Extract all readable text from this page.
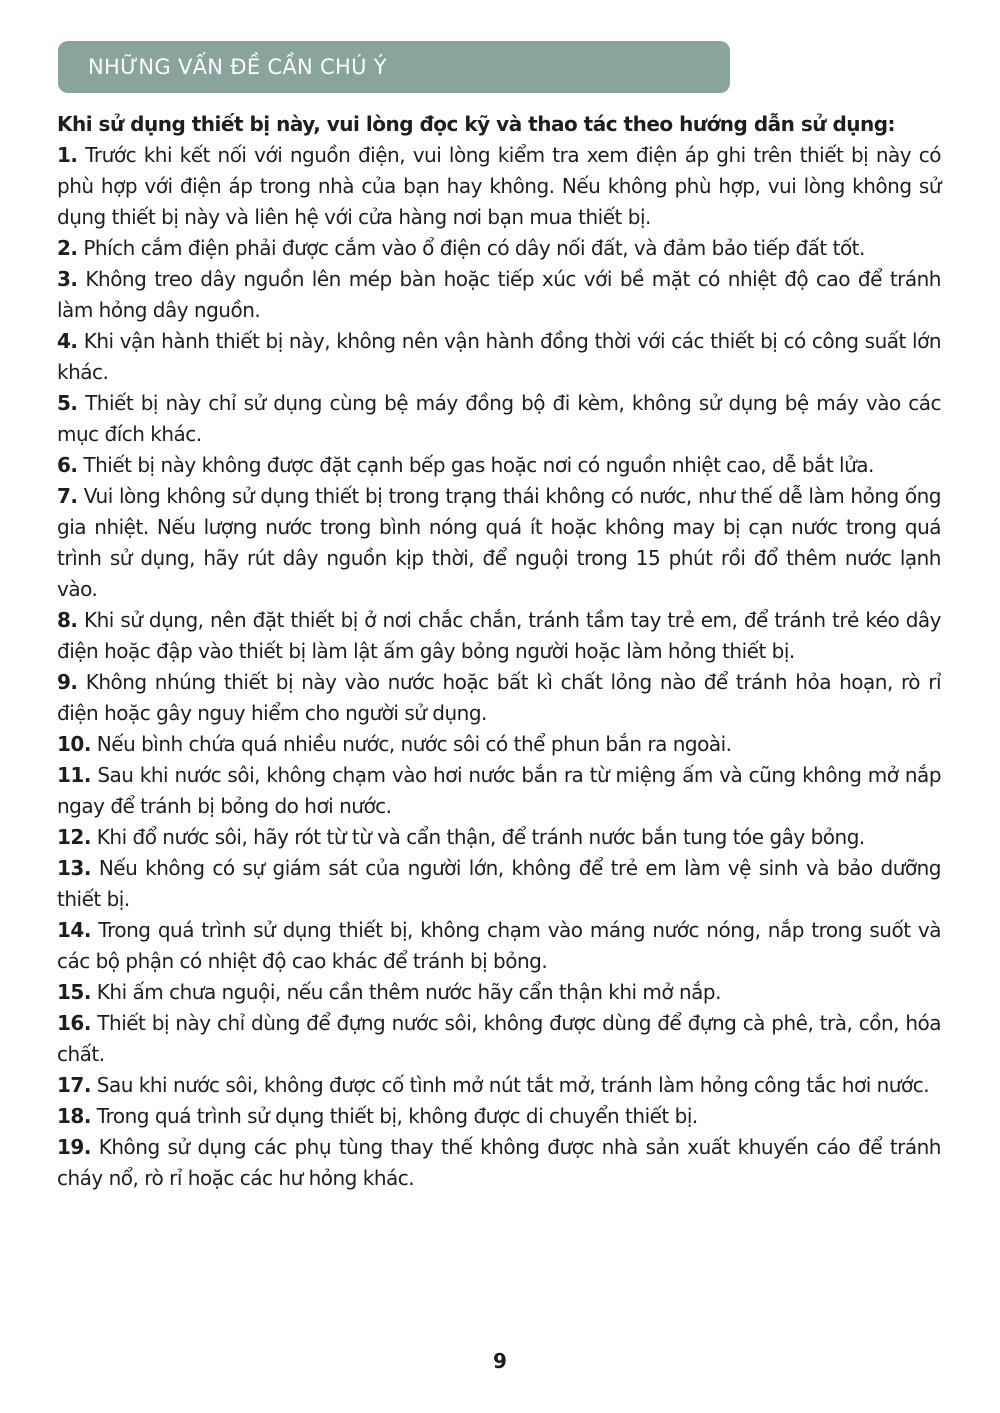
NHỮNG VẤN ĐỀ CẦN CHÚ Ý
Khi sử dụng thiết bị này, vui lòng đọc kỹ và thao tác theo hướng dẫn sử dụng:
1. Trước khi kết nối với nguồn điện, vui lòng kiểm tra xem điện áp ghi trên thiết bị này có phù hợp với điện áp trong nhà của bạn hay không. Nếu không phù hợp, vui lòng không sử dụng thiết bị này và liên hệ với cửa hàng nơi bạn mua thiết bị.
2. Phích cắm điện phải được cắm vào ổ điện có dây nối đất, và đảm bảo tiếp đất tốt.
3. Không treo dây nguồn lên mép bàn hoặc tiếp xúc với bề mặt có nhiệt độ cao để tránh làm hỏng dây nguồn.
4. Khi vận hành thiết bị này, không nên vận hành đồng thời với các thiết bị có công suất lớn khác.
5. Thiết bị này chỉ sử dụng cùng bệ máy đồng bộ đi kèm, không sử dụng bệ máy vào các mục đích khác.
6. Thiết bị này không được đặt cạnh bếp gas hoặc nơi có nguồn nhiệt cao, dễ bắt lửa.
7. Vui lòng không sử dụng thiết bị trong trạng thái không có nước, như thế dễ làm hỏng ống gia nhiệt. Nếu lượng nước trong bình nóng quá ít hoặc không may bị cạn nước trong quá trình sử dụng, hãy rút dây nguồn kịp thời, để nguội trong 15 phút rồi đổ thêm nước lạnh vào.
8. Khi sử dụng, nên đặt thiết bị ở nơi chắc chắn, tránh tầm tay trẻ em, để tránh trẻ kéo dây điện hoặc đập vào thiết bị làm lật ấm gây bỏng người hoặc làm hỏng thiết bị.
9. Không nhúng thiết bị này vào nước hoặc bất kì chất lỏng nào để tránh hỏa hoạn, rò rỉ điện hoặc gây nguy hiểm cho người sử dụng.
10. Nếu bình chứa quá nhiều nước, nước sôi có thể phun bắn ra ngoài.
11. Sau khi nước sôi, không chạm vào hơi nước bắn ra từ miệng ấm và cũng không mở nắp ngay để tránh bị bỏng do hơi nước.
12. Khi đổ nước sôi, hãy rót từ từ và cẩn thận, để tránh nước bắn tung tóe gây bỏng.
13. Nếu không có sự giám sát của người lớn, không để trẻ em làm vệ sinh và bảo dưỡng thiết bị.
14. Trong quá trình sử dụng thiết bị, không chạm vào máng nước nóng, nắp trong suốt và các bộ phận có nhiệt độ cao khác để tránh bị bỏng.
15. Khi ấm chưa nguội, nếu cần thêm nước hãy cẩn thận khi mở nắp.
16. Thiết bị này chỉ dùng để đựng nước sôi, không được dùng để đựng cà phê, trà, cồn, hóa chất.
17. Sau khi nước sôi, không được cố tình mở nút tắt mở, tránh làm hỏng công tắc hơi nước.
18. Trong quá trình sử dụng thiết bị, không được di chuyển thiết bị.
19. Không sử dụng các phụ tùng thay thế không được nhà sản xuất khuyến cáo để tránh cháy nổ, rò rỉ hoặc các hư hỏng khác.
9
